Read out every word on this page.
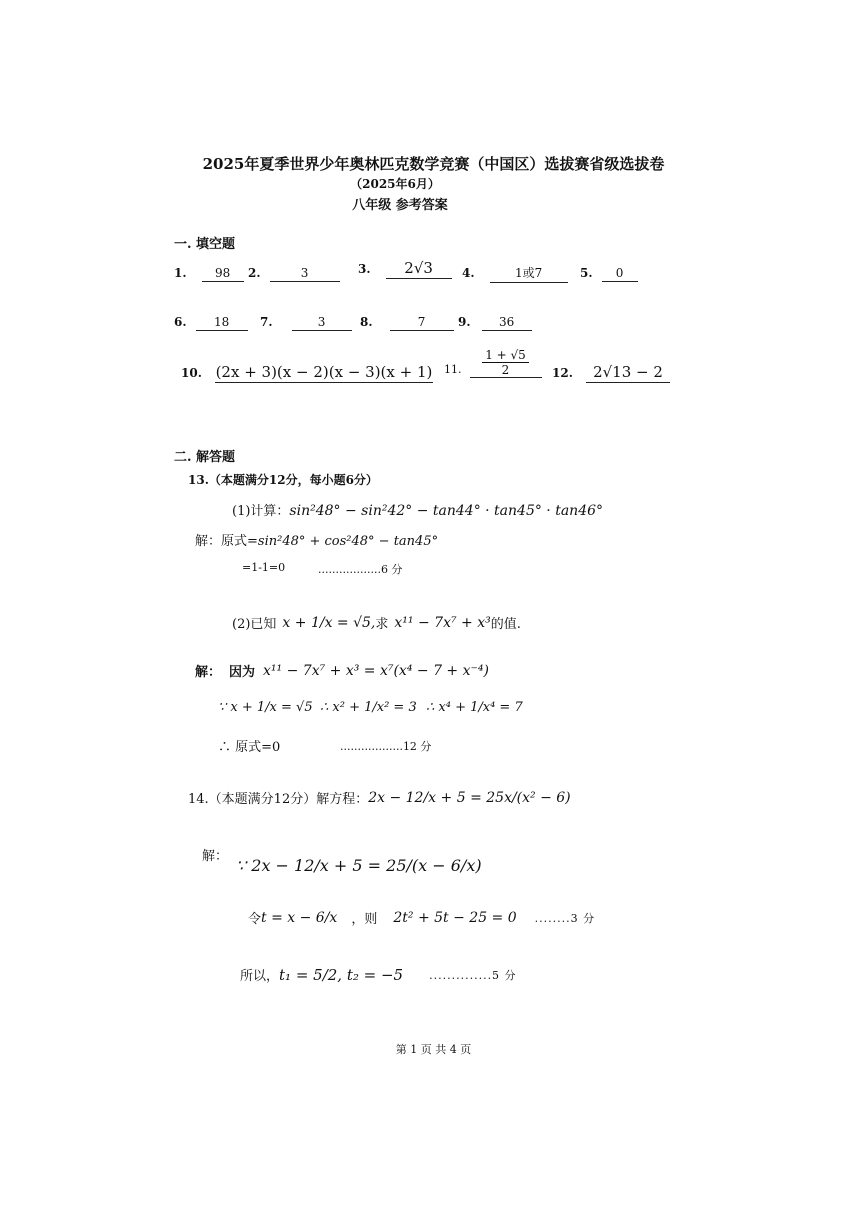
2025年夏季世界少年奥林匹克数学竞赛（中国区）选拔赛省级选拔卷
（2025年6月）
八年级 参考答案
一. 填空题
1. 98	2.	3	3. 2√3	4.	1或7	5. 0
6. 18	7.	3	8.	7	9. 36
10. (2x + 3)(x − 2)(x − 3)(x + 1) 11. $\frac{1 + √5}{2} 12$. 2√13 − 2
二. 解答题
13.（本题满分12分，每小题6分）
(1)计算：sin²48° − sin²42° − tan44° · tan45° · tan46°
解：原式=sin²48° + cos²48° − tan45°
=1-1=0	..................6 分
(2)已知 x + 1/x = √5, 求 x¹¹ − 7x⁷ + x³ 的值.
解： 因为 x¹¹ − 7x⁷ + x³ = x⁷(x⁴ − 7 + x⁻⁴)
∵ x + 1/x = √5 ∴ x² + 1/x² = 3 ∴ x⁴ + 1/x⁴ = 7
∴ 原式=0	..................12 分
14.（本题满分12分）解方程： 2x − 12/x + 5 = 25x/(x² − 6)
解： ∵ 2x − 12/x + 5 = 25/(x − 6/x)
令 t = x − 6/x ，则 2t² + 5t − 25 = 0 ........3 分
所以， t₁ = 5/2, t₂ = −5 ..............5 分
第 1 页 共 4 页
